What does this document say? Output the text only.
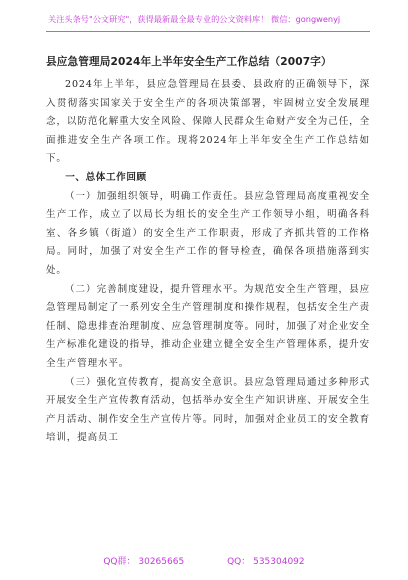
关注头条号"公文研究"，获得最新最全最专业的公文资料库！ 微信：gongwenyj
县应急管理局2024年上半年安全生产工作总结（2007字）

2024年上半年，县应急管理局在县委、县政府的正确领导下，深入贯彻落实国家关于安全生产的各项决策部署，牢固树立安全发展理念，以防范化解重大安全风险、保障人民群众生命财产安全为己任，全面推进安全生产各项工作。现将2024年上半年安全生产工作总结如下。

一、总体工作回顾

（一）加强组织领导，明确工作责任。县应急管理局高度重视安全生产工作，成立了以局长为组长的安全生产工作领导小组，明确各科室、各乡镇（街道）的安全生产工作职责，形成了齐抓共管的工作格局。同时，加强了对安全生产工作的督导检查，确保各项措施落到实处。

（二）完善制度建设，提升管理水平。为规范安全生产管理，县应急管理局制定了一系列安全生产管理制度和操作规程，包括安全生产责任制、隐患排查治理制度、应急管理制度等。同时，加强了对企业安全生产标准化建设的指导，推动企业建立健全安全生产管理体系，提升安全生产管理水平。

（三）强化宣传教育，提高安全意识。县应急管理局通过多种形式开展安全生产宣传教育活动，包括举办安全生产知识讲座、开展安全生产月活动、制作安全生产宣传片等。同时，加强对企业员工的安全教育培训，提高员工

QQ群： 30265665	QQ： 535304092
